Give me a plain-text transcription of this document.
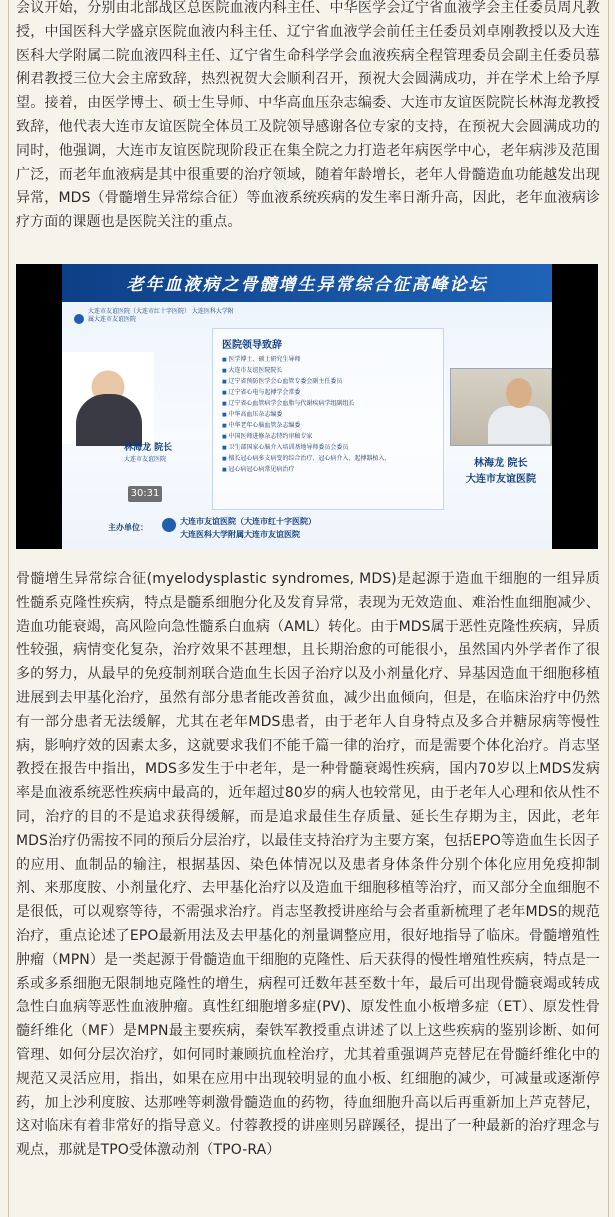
会议开始，分别由北部战区总医院血液内科主任、中华医学会辽宁省血液学会主任委员周凡教授，中国医科大学盛京医院血液内科主任、辽宁省血液学会前任主任委员刘卓刚教授以及大连医科大学附属二院血液四科主任、辽宁省生命科学学会血液疾病全程管理委员会副主任委员慕俐君教授三位大会主席致辞，热烈祝贺大会顺利召开，预祝大会圆满成功，并在学术上给予厚望。接着，由医学博士、硕士生导师、中华高血压杂志编委、大连市友谊医院院长林海龙教授致辞，他代表大连市友谊医院全体员工及院领导感谢各位专家的支持，在预祝大会圆满成功的同时，他强调，大连市友谊医院现阶段正在集全院之力打造老年病医学中心，老年病涉及范围广泛，而老年血液病是其中很重要的治疗领域，随着年龄增长，老年人骨髓造血功能越发出现异常，MDS（骨髓增生异常综合征）等血液系统疾病的发生率日渐升高，因此，老年血液病诊疗方面的课题也是医院关注的重点。

老年血液病之骨髓增生异常综合征高峰论坛
大连市友谊医院（大连市红十字医院） 大连医科大学附属大连市友谊医院
林海龙 院长
大连市友谊医院
医院领导致辞
■ 医学博士、硕士研究生导师
■ 大连市友谊医院院长
■ 辽宁省预防医学会心血管专委会副主任委员
■ 辽宁省心电与起搏学会常委
■ 辽宁省心血管病学会血脂与代谢疾病学组副组长
■ 中华高血压杂志编委
■ 中华老年心脑血管杂志编委
■ 中国医师进修杂志特约审稿专家
■ 卫生部国家心脑介入培训基地导师委员会委员
■ 擅长冠心病多支病变的综合治疗、冠心病介入、起搏器植入、
■ 冠心病冠心病常见病治疗
30:31
林海龙 院长
大连市友谊医院
主办单位：
大连市友谊医院（大连市红十字医院）
大连医科大学附属大连市友谊医院

骨髓增生异常综合征(myelodysplastic syndromes, MDS)是起源于造血干细胞的一组异质性髓系克隆性疾病，特点是髓系细胞分化及发育异常，表现为无效造血、难治性血细胞减少、造血功能衰竭，高风险向急性髓系白血病（AML）转化。由于MDS属于恶性克隆性疾病，异质性较强，病情变化复杂，治疗效果不甚理想，且长期治愈的可能很小，虽然国内外学者作了很多的努力，从最早的免疫制剂联合造血生长因子治疗以及小剂量化疗、异基因造血干细胞移植进展到去甲基化治疗，虽然有部分患者能改善贫血，减少出血倾向，但是，在临床治疗中仍然有一部分患者无法缓解，尤其在老年MDS患者，由于老年人自身特点及多合并糖尿病等慢性病，影响疗效的因素太多，这就要求我们不能千篇一律的治疗，而是需要个体化治疗。肖志坚教授在报告中指出，MDS多发生于中老年，是一种骨髓衰竭性疾病，国内70岁以上MDS发病率是血液系统恶性疾病中最高的，近年超过80岁的病人也较常见，由于老年人心理和依从性不同，治疗的目的不是追求获得缓解，而是追求最佳生存质量、延长生存期为主，因此，老年MDS治疗仍需按不同的预后分层治疗，以最佳支持治疗为主要方案，包括EPO等造血生长因子的应用、血制品的输注，根据基因、染色体情况以及患者身体条件分别个体化应用免疫抑制剂、来那度胺、小剂量化疗、去甲基化治疗以及造血干细胞移植等治疗，而又部分全血细胞不是很低，可以观察等待，不需强求治疗。肖志坚教授讲座给与会者重新梳理了老年MDS的规范治疗，重点论述了EPO最新用法及去甲基化的剂量调整应用，很好地指导了临床。骨髓增殖性肿瘤（MPN）是一类起源于骨髓造血干细胞的克隆性、后天获得的慢性增殖性疾病，特点是一系或多系细胞无限制地克隆性的增生，病程可迁数年甚至数十年，最后可出现骨髓衰竭或转成急性白血病等恶性血液肿瘤。真性红细胞增多症(PV)、原发性血小板增多症（ET）、原发性骨髓纤维化（MF）是MPN最主要疾病，秦铁军教授重点讲述了以上这些疾病的鉴别诊断、如何管理、如何分层次治疗，如何同时兼顾抗血栓治疗，尤其着重强调芦克替尼在骨髓纤维化中的规范又灵活应用，指出，如果在应用中出现较明显的血小板、红细胞的减少，可减量或逐渐停药，加上沙利度胺、达那唑等刺激骨髓造血的药物，待血细胞升高以后再重新加上芦克替尼，这对临床有着非常好的指导意义。付蓉教授的讲座则另辟蹊径，提出了一种最新的治疗理念与观点，那就是TPO受体激动剂（TPO-RA）
